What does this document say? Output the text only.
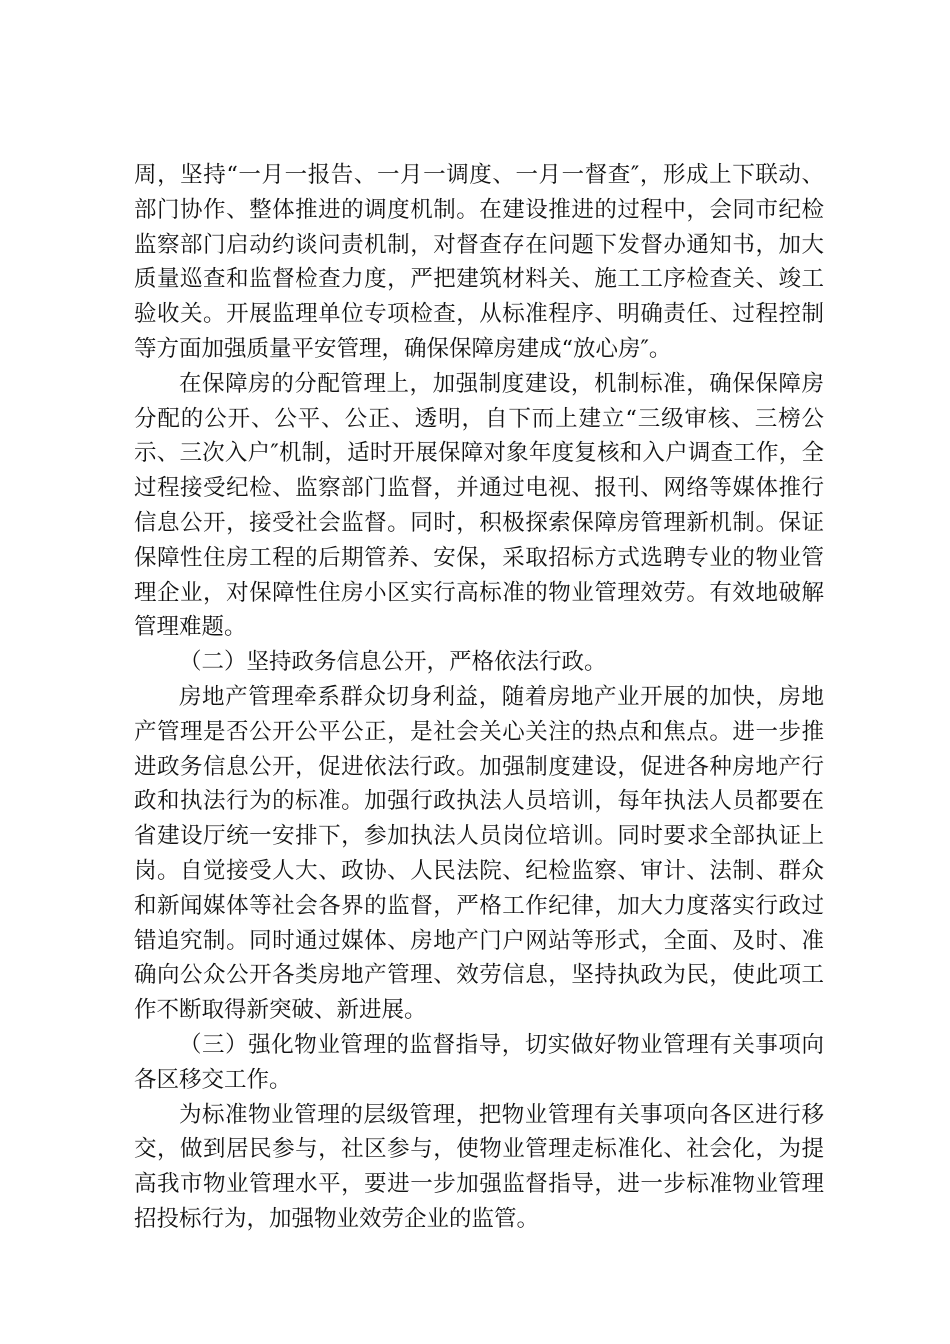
周，坚持“一月一报告、一月一调度、一月一督查″，形成上下联动、部门协作、整体推进的调度机制。在建设推进的过程中，会同市纪检监察部门启动约谈问责机制，对督查存在问题下发督办通知书，加大质量巡查和监督检查力度，严把建筑材料关、施工工序检查关、竣工验收关。开展监理单位专项检查，从标准程序、明确责任、过程控制等方面加强质量平安管理，确保保障房建成“放心房″。

在保障房的分配管理上，加强制度建设，机制标准，确保保障房分配的公开、公平、公正、透明，自下而上建立“三级审核、三榜公示、三次入户″机制，适时开展保障对象年度复核和入户调查工作，全过程接受纪检、监察部门监督，并通过电视、报刊、网络等媒体推行信息公开，接受社会监督。同时，积极探索保障房管理新机制。保证保障性住房工程的后期管养、安保，采取招标方式选聘专业的物业管理企业，对保障性住房小区实行高标准的物业管理效劳。有效地破解管理难题。

（二）坚持政务信息公开，严格依法行政。

房地产管理牵系群众切身利益，随着房地产业开展的加快，房地产管理是否公开公平公正，是社会关心关注的热点和焦点。进一步推进政务信息公开，促进依法行政。加强制度建设，促进各种房地产行政和执法行为的标准。加强行政执法人员培训，每年执法人员都要在省建设厅统一安排下，参加执法人员岗位培训。同时要求全部执证上岗。自觉接受人大、政协、人民法院、纪检监察、审计、法制、群众和新闻媒体等社会各界的监督，严格工作纪律，加大力度落实行政过错追究制。同时通过媒体、房地产门户网站等形式，全面、及时、准确向公众公开各类房地产管理、效劳信息，坚持执政为民，使此项工作不断取得新突破、新进展。

（三）强化物业管理的监督指导，切实做好物业管理有关事项向各区移交工作。

为标准物业管理的层级管理，把物业管理有关事项向各区进行移交，做到居民参与，社区参与，使物业管理走标准化、社会化，为提高我市物业管理水平，要进一步加强监督指导，进一步标准物业管理招投标行为，加强物业效劳企业的监管。
